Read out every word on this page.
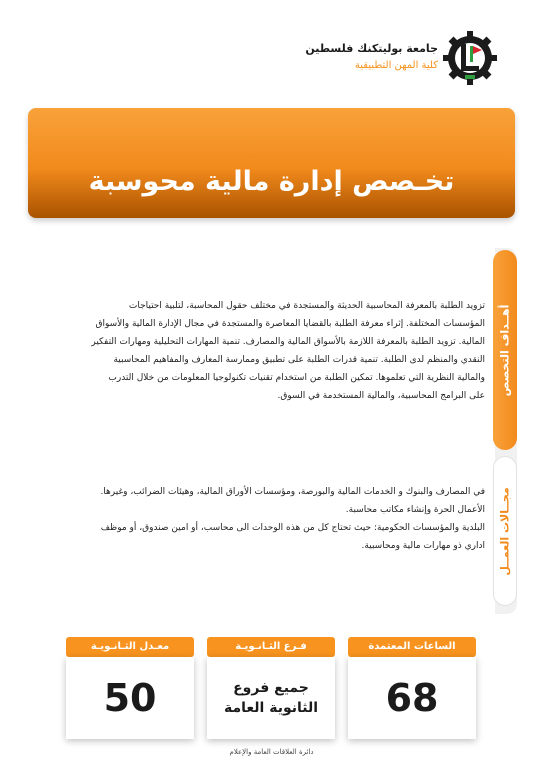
جامعة بوليتكنك فلسطين
كلية المهن التطبيقية
تخـصص إدارة مالية محوسبة
أهــداف التخصص
مجــالات العمــل
تزويد الطلبة بالمعرفة المحاسبية الحديثة والمستجدة في مختلف حقول المحاسبة، لتلبية احتياجات
المؤسسات المختلفة. إثراء معرفة الطلبة بالقضايا المعاصرة والمستجدة في مجال الإدارة المالية والأسواق
المالية. تزويد الطلبة بالمعرفة اللازمة بالأسواق المالية والمصارف. تنمية المهارات التحليلية ومهارات التفكير
النقدي والمنظم لدى الطلبة. تنمية قدرات الطلبة على تطبيق وممارسة المعارف والمفاهيم المحاسبية
والمالية النظرية التي تعلموها. تمكين الطلبة من استخدام تقنيات تكنولوجيا المعلومات من خلال التدرب
على البرامج المحاسبية، والمالية المستخدمة في السوق.
في المصارف والبنوك و الخدمات المالية والبورصة، ومؤسسات الأوراق المالية، وهيئات الضرائب، وغيرها.
الأعمال الحرة وإنشاء مكاتب محاسبة.
البلدية والمؤسسات الحكومية: حيث تحتاج كل من هذه الوحدات الى محاسب، أو امين صندوق، أو موظف
اداري ذو مهارات مالية ومحاسبية.
الساعات المعتمدة
68
فـرع الثـانـويـة
جميع فروع
الثانوية العامة
معـدل الثـانـويـة
50
دائرة العلاقات العامة والإعلام
